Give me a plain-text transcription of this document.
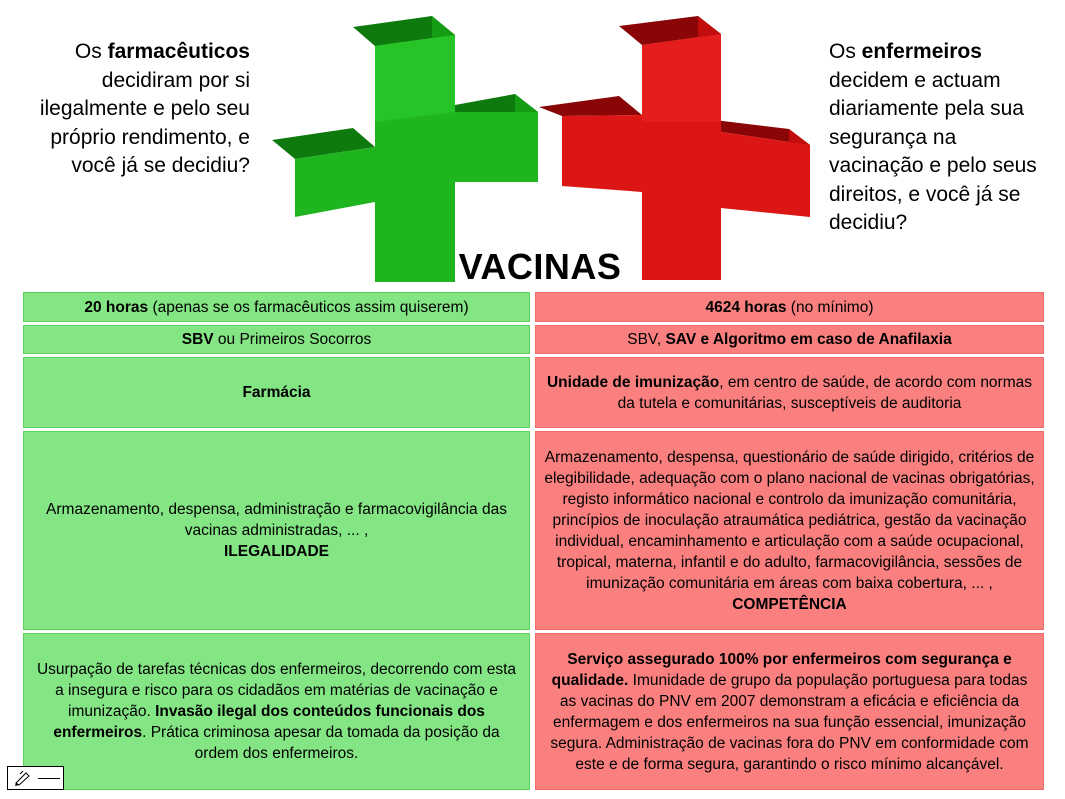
Os farmacêuticos decidiram por si ilegalmente e pelo seu próprio rendimento, e você já se decidiu?
Os enfermeiros decidem e actuam diariamente pela sua segurança na vacinação e pelo seus direitos, e você já se decidiu?
VACINAS

20 horas (apenas se os farmacêuticos assim quiserem)	4624 horas (no mínimo)

SBV ou Primeiros Socorros	SBV, SAV e Algoritmo em caso de Anafilaxia

Farmácia

Unidade de imunização, em centro de saúde, de acordo com normas da tutela e comunitárias, susceptíveis de auditoria

Armazenamento, despensa, administração e farmacovigilância das vacinas administradas, ... ,
ILEGALIDADE

Armazenamento, despensa, questionário de saúde dirigido, critérios de elegibilidade, adequação com o plano nacional de vacinas obrigatórias, registo informático nacional e controlo da imunização comunitária, princípios de inoculação atraumática pediátrica, gestão da vacinação individual, encaminhamento e articulação com a saúde ocupacional, tropical, materna, infantil e do adulto, farmacovigilância, sessões de imunização comunitária em áreas com baixa cobertura, ... ,
COMPETÊNCIA

Usurpação de tarefas técnicas dos enfermeiros, decorrendo com esta a insegura e risco para os cidadãos em matérias de vacinação e imunização. Invasão ilegal dos conteúdos funcionais dos enfermeiros. Prática criminosa apesar da tomada da posição da ordem dos enfermeiros.

Serviço assegurado 100% por enfermeiros com segurança e qualidade. Imunidade de grupo da população portuguesa para todas as vacinas do PNV em 2007 demonstram a eficácia e eficiência da enfermagem e dos enfermeiros na sua função essencial, imunização segura. Administração de vacinas fora do PNV em conformidade com este e de forma segura, garantindo o risco mínimo alcançável.
